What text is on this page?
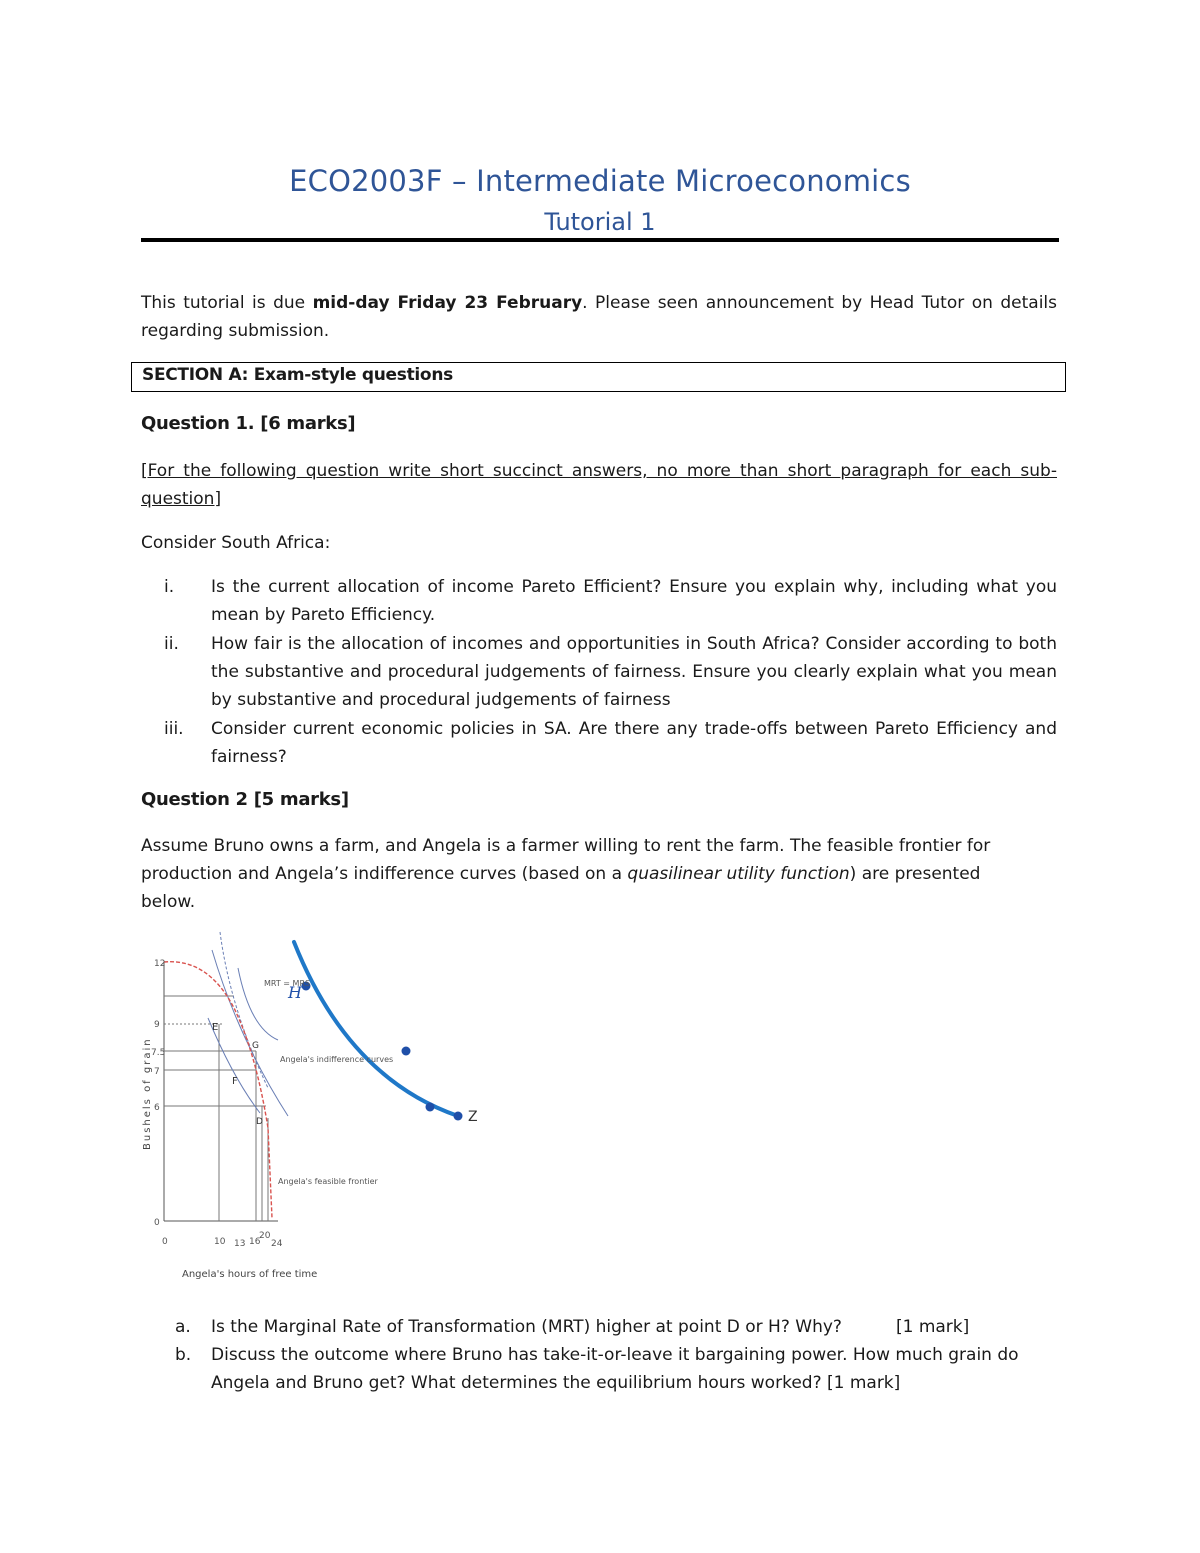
ECO2003F – Intermediate Microeconomics
Tutorial 1
This tutorial is due mid-day Friday 23 February. Please seen announcement by Head Tutor on details regarding submission.
SECTION A: Exam-style questions
Question 1. [6 marks]
[For the following question write short succinct answers, no more than short paragraph for each sub-question]
Consider South Africa:
i. Is the current allocation of income Pareto Efficient? Ensure you explain why, including what you mean by Pareto Efficiency.
ii. How fair is the allocation of incomes and opportunities in South Africa? Consider according to both the substantive and procedural judgements of fairness. Ensure you clearly explain what you mean by substantive and procedural judgements of fairness
iii. Consider current economic policies in SA. Are there any trade-offs between Pareto Efficiency and fairness?
Question 2 [5 marks]
Assume Bruno owns a farm, and Angela is a farmer willing to rent the farm. The feasible frontier for production and Angela’s indifference curves (based on a quasilinear utility function) are presented below.
Bushels of grain
Angela's hours of free time
12
9
7.5
7
6
0
0	10 13 16
20
24
MRT = MRS
Angela's indifference curves
Angela's feasible frontier
E
F
G
D
H
Z
a. Is the Marginal Rate of Transformation (MRT) higher at point D or H? Why?          [1 mark]
b. Discuss the outcome where Bruno has take-it-or-leave it bargaining power. How much grain do Angela and Bruno get? What determines the equilibrium hours worked? [1 mark]
